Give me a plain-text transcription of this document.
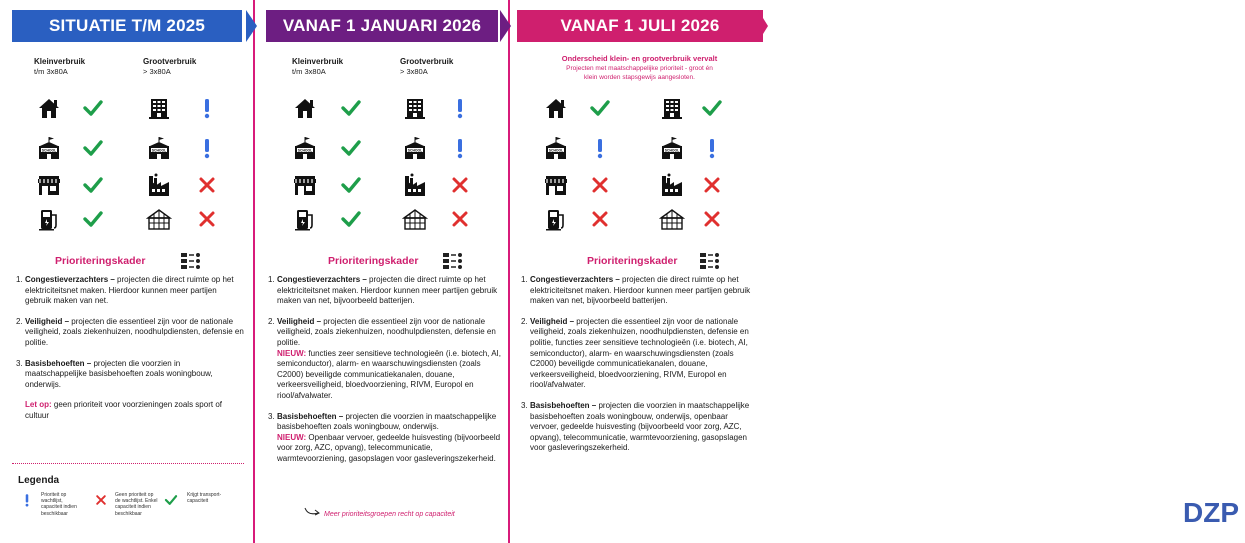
SITUATIE T/M 2025
Kleinverbruik
t/m 3x80A
Grootverbruik
> 3x80A
SCHOOL	SCHOOL
Prioriteringskader
1. Congestieverzachters – projecten die direct ruimte op het elektriciteitsnet maken. Hierdoor kunnen meer partijen gebruik maken van net.
2. Veiligheid – projecten die essentieel zijn voor de nationale veiligheid, zoals ziekenhuizen, noodhulpdiensten, defensie en politie.
3. Basisbehoeften – projecten die voorzien in maatschappelijke basisbehoeften zoals woningbouw, onderwijs.
Let op: geen prioriteit voor voorzieningen zoals sport of cultuur
VANAF 1 JANUARI 2026
Kleinverbruik
t/m 3x80A
Grootverbruik
> 3x80A
SCHOOL	SCHOOL
Prioriteringskader
1. Congestieverzachters – projecten die direct ruimte op het elektriciteitsnet maken. Hierdoor kunnen meer partijen gebruik maken van net, bijvoorbeeld batterijen.
2. Veiligheid – projecten die essentieel zijn voor de nationale veiligheid, zoals ziekenhuizen, noodhulpdiensten, defensie en politie.
NIEUW: functies zeer sensitieve technologieën (i.e. biotech, AI, semiconductor), alarm- en waarschuwingsdiensten (zoals C2000) beveiligde communicatiekanalen, douane, verkeersveiligheid, bloedvoorziening, RIVM, Europol en riool/afvalwater.
3. Basisbehoeften – projecten die voorzien in maatschappelijke basisbehoeften zoals woningbouw, onderwijs.
NIEUW: Openbaar vervoer, gedeelde huisvesting (bijvoorbeeld voor zorg, AZC, opvang), telecommunicatie, warmtevoorziening, gasopslagen voor gasleveringszekerheid.
Meer prioriteitsgroepen recht op capaciteit
VANAF 1 JULI 2026
Onderscheid klein- en grootverbruik vervalt
Projecten met maatschappelijke prioriteit - groot én klein worden stapsgewijs aangesloten.
SCHOOL	SCHOOL
Prioriteringskader
1. Congestieverzachters – projecten die direct ruimte op het elektriciteitsnet maken. Hierdoor kunnen meer partijen gebruik maken van net, bijvoorbeeld batterijen.
2. Veiligheid – projecten die essentieel zijn voor de nationale veiligheid, zoals ziekenhuizen, noodhulpdiensten, defensie en politie, functies zeer sensitieve technologieën (i.e. biotech, AI, semiconductor), alarm- en waarschuwingsdiensten (zoals C2000) beveiligde communicatiekanalen, douane, verkeersveiligheid, bloedvoorziening, RIVM, Europol en riool/afvalwater.
3. Basisbehoeften – projecten die voorzien in maatschappelijke basisbehoeften zoals woningbouw, onderwijs, openbaar vervoer, gedeelde huisvesting (bijvoorbeeld voor zorg, AZC, opvang), telecommunicatie, warmtevoorziening, gasopslagen voor gasleveringszekerheid.
DZP
Legenda
Prioriteit op wachtlijst, capaciteit indien beschikbaar
Geen prioriteit op de wachtlijst. Enkel capaciteit indien beschikbaar
Krijgt transport-capaciteit
